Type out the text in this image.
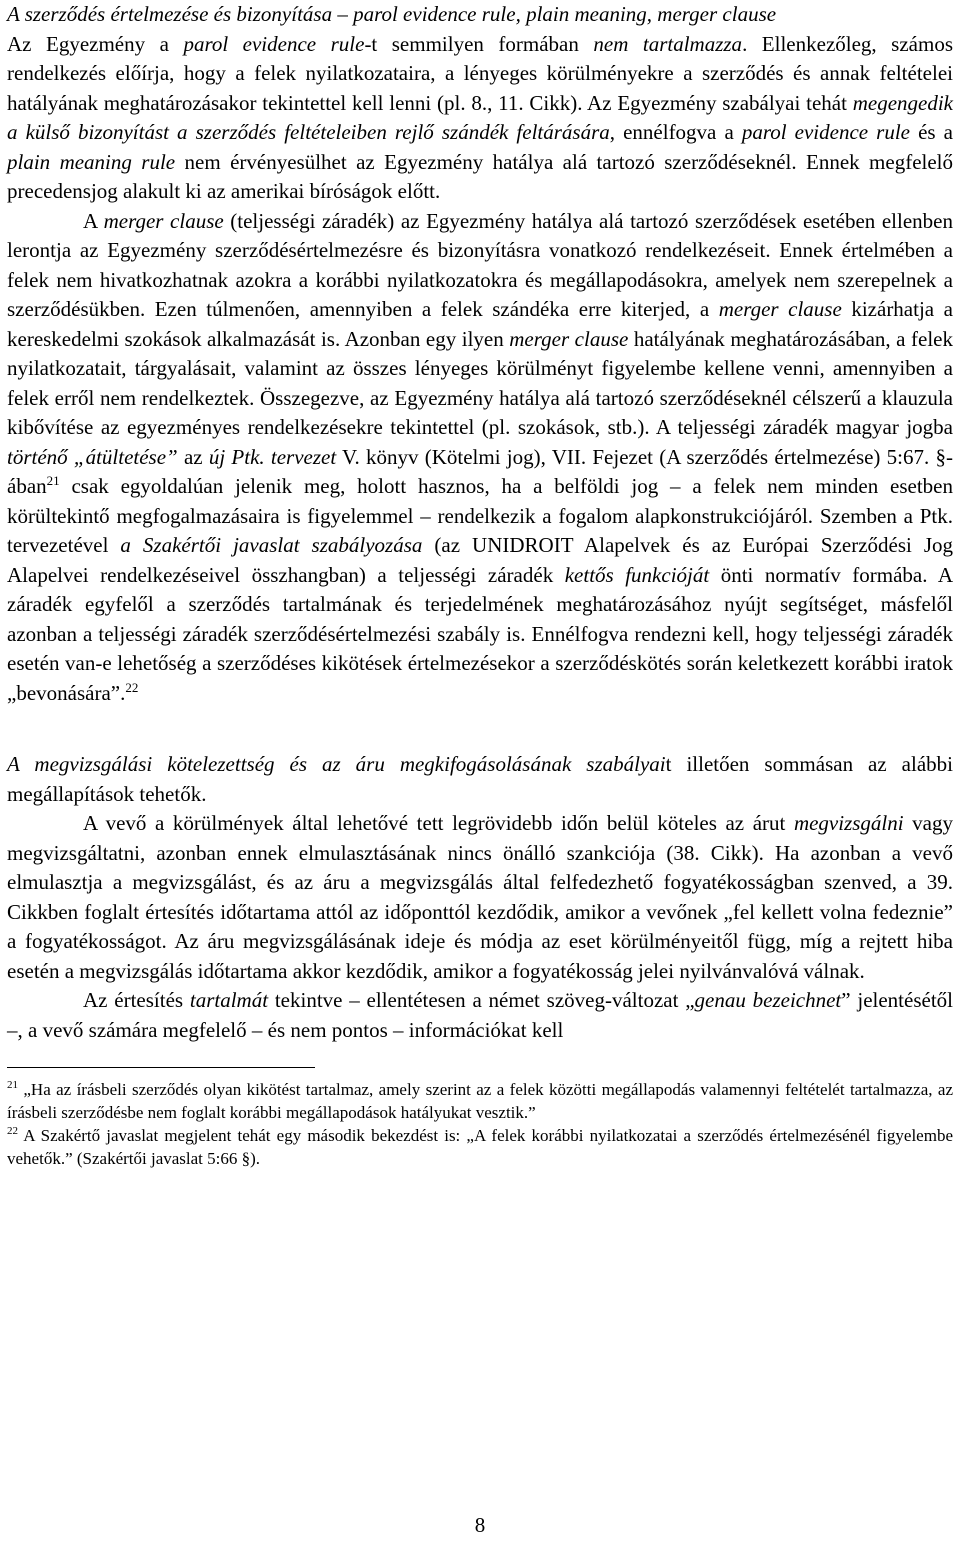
A szerződés értelmezése és bizonyítása – parol evidence rule, plain meaning, merger clause

Az Egyezmény a parol evidence rule-t semmilyen formában nem tartalmazza. Ellenkezőleg, számos rendelkezés előírja, hogy a felek nyilatkozataira, a lényeges körülményekre a szerződés és annak feltételei hatályának meghatározásakor tekintettel kell lenni (pl. 8., 11. Cikk). Az Egyezmény szabályai tehát megengedik a külső bizonyítást a szerződés feltételeiben rejlő szándék feltárására, ennélfogva a parol evidence rule és a plain meaning rule nem érvényesülhet az Egyezmény hatálya alá tartozó szerződéseknél. Ennek megfelelő precedensjog alakult ki az amerikai bíróságok előtt.

A merger clause (teljességi záradék) az Egyezmény hatálya alá tartozó szerződések esetében ellenben lerontja az Egyezmény szerződésértelmezésre és bizonyításra vonatkozó rendelkezéseit. Ennek értelmében a felek nem hivatkozhatnak azokra a korábbi nyilatkozatokra és megállapodásokra, amelyek nem szerepelnek a szerződésükben. Ezen túlmenően, amennyiben a felek szándéka erre kiterjed, a merger clause kizárhatja a kereskedelmi szokások alkalmazását is. Azonban egy ilyen merger clause hatályának meghatározásában, a felek nyilatkozatait, tárgyalásait, valamint az összes lényeges körülményt figyelembe kellene venni, amennyiben a felek erről nem rendelkeztek. Összegezve, az Egyezmény hatálya alá tartozó szerződéseknél célszerű a klauzula kibővítése az egyezményes rendelkezésekre tekintettel (pl. szokások, stb.). A teljességi záradék magyar jogba történő „átültetése” az új Ptk. tervezet V. könyv (Kötelmi jog), VII. Fejezet (A szerződés értelmezése) 5:67. §-ában$^{21}$ csak egyoldalúan jelenik meg, holott hasznos, ha a belföldi jog – a felek nem minden esetben körültekintő megfogalmazásaira is figyelemmel – rendelkezik a fogalom alapkonstrukciójáról. Szemben a Ptk. tervezetével a Szakértői javaslat szabályozása (az UNIDROIT Alapelvek és az Európai Szerződési Jog Alapelvei rendelkezéseivel összhangban) a teljességi záradék kettős funkcióját önti normatív formába. A záradék egyfelől a szerződés tartalmának és terjedelmének meghatározásához nyújt segítséget, másfelől azonban a teljességi záradék szerződésértelmezési szabály is. Ennélfogva rendezni kell, hogy teljességi záradék esetén van-e lehetőség a szerződéses kikötések értelmezésekor a szerződéskötés során keletkezett korábbi iratok „bevonására”.$^{22}$

A megvizsgálási kötelezettség és az áru megkifogásolásának szabályait illetően sommásan az alábbi megállapítások tehetők.

A vevő a körülmények által lehetővé tett legrövidebb időn belül köteles az árut megvizsgálni vagy megvizsgáltatni, azonban ennek elmulasztásának nincs önálló szankciója (38. Cikk). Ha azonban a vevő elmulasztja a megvizsgálást, és az áru a megvizsgálás által felfedezhető fogyatékosságban szenved, a 39. Cikkben foglalt értesítés időtartama attól az időponttól kezdődik, amikor a vevőnek „fel kellett volna fedeznie” a fogyatékosságot. Az áru megvizsgálásának ideje és módja az eset körülményeitől függ, míg a rejtett hiba esetén a megvizsgálás időtartama akkor kezdődik, amikor a fogyatékosság jelei nyilvánvalóvá válnak.

Az értesítés tartalmát tekintve – ellentétesen a német szöveg-változat „genau bezeichnet” jelentésétől –, a vevő számára megfelelő – és nem pontos – információkat kell

$^{21}$ „Ha az írásbeli szerződés olyan kikötést tartalmaz, amely szerint az a felek közötti megállapodás valamennyi feltételét tartalmazza, az írásbeli szerződésbe nem foglalt korábbi megállapodások hatályukat vesztik.”

$^{22}$ A Szakértő javaslat megjelent tehát egy második bekezdést is: „A felek korábbi nyilatkozatai a szerződés értelmezésénél figyelembe vehetők.” (Szakértői javaslat 5:66 §).

8
